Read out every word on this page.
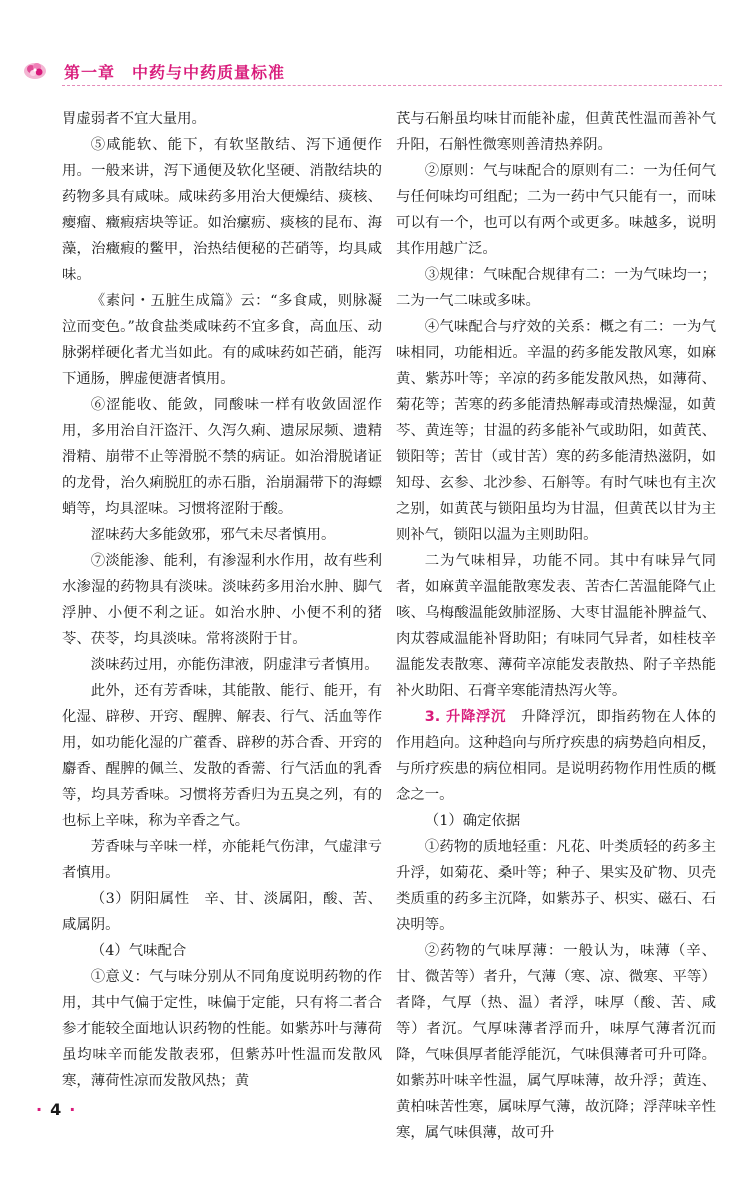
第一章　中药与中药质量标准

胃虚弱者不宜大量用。

⑤咸能软、能下，有软坚散结、泻下通便作用。一般来讲，泻下通便及软化坚硬、消散结块的药物多具有咸味。咸味药多用治大便燥结、痰核、瘿瘤、癥瘕痞块等证。如治瘰疬、痰核的昆布、海藻，治癥瘕的鳖甲，治热结便秘的芒硝等，均具咸味。

《素问・五脏生成篇》云：“多食咸，则脉凝泣而变色。”故食盐类咸味药不宜多食，高血压、动脉粥样硬化者尤当如此。有的咸味药如芒硝，能泻下通肠，脾虚便溏者慎用。

⑥涩能收、能敛，同酸味一样有收敛固涩作用，多用治自汗盗汗、久泻久痢、遗尿尿频、遗精滑精、崩带不止等滑脱不禁的病证。如治滑脱诸证的龙骨，治久痢脱肛的赤石脂，治崩漏带下的海螵蛸等，均具涩味。习惯将涩附于酸。

涩味药大多能敛邪，邪气未尽者慎用。

⑦淡能渗、能利，有渗湿利水作用，故有些利水渗湿的药物具有淡味。淡味药多用治水肿、脚气浮肿、小便不利之证。如治水肿、小便不利的猪苓、茯苓，均具淡味。常将淡附于甘。

淡味药过用，亦能伤津液，阴虚津亏者慎用。

此外，还有芳香味，其能散、能行、能开，有化湿、辟秽、开窍、醒脾、解表、行气、活血等作用，如功能化湿的广藿香、辟秽的苏合香、开窍的麝香、醒脾的佩兰、发散的香薷、行气活血的乳香等，均具芳香味。习惯将芳香归为五臭之列，有的也标上辛味，称为辛香之气。

芳香味与辛味一样，亦能耗气伤津，气虚津亏者慎用。

（3）阴阳属性　辛、甘、淡属阳，酸、苦、咸属阴。

（4）气味配合

①意义：气与味分别从不同角度说明药物的作用，其中气偏于定性，味偏于定能，只有将二者合参才能较全面地认识药物的性能。如紫苏叶与薄荷虽均味辛而能发散表邪，但紫苏叶性温而发散风寒，薄荷性凉而发散风热；黄

芪与石斛虽均味甘而能补虚，但黄芪性温而善补气升阳，石斛性微寒则善清热养阴。

②原则：气与味配合的原则有二：一为任何气与任何味均可组配；二为一药中气只能有一，而味可以有一个，也可以有两个或更多。味越多，说明其作用越广泛。

③规律：气味配合规律有二：一为气味均一；二为一气二味或多味。

④气味配合与疗效的关系：概之有二：一为气味相同，功能相近。辛温的药多能发散风寒，如麻黄、紫苏叶等；辛凉的药多能发散风热，如薄荷、菊花等；苦寒的药多能清热解毒或清热燥湿，如黄芩、黄连等；甘温的药多能补气或助阳，如黄芪、锁阳等；苦甘（或甘苦）寒的药多能清热滋阴，如知母、玄参、北沙参、石斛等。有时气味也有主次之别，如黄芪与锁阳虽均为甘温，但黄芪以甘为主则补气，锁阳以温为主则助阳。

二为气味相异，功能不同。其中有味异气同者，如麻黄辛温能散寒发表、苦杏仁苦温能降气止咳、乌梅酸温能敛肺涩肠、大枣甘温能补脾益气、肉苁蓉咸温能补肾助阳；有味同气异者，如桂枝辛温能发表散寒、薄荷辛凉能发表散热、附子辛热能补火助阳、石膏辛寒能清热泻火等。

3. 升降浮沉　升降浮沉，即指药物在人体的作用趋向。这种趋向与所疗疾患的病势趋向相反，与所疗疾患的病位相同。是说明药物作用性质的概念之一。

（1）确定依据

①药物的质地轻重：凡花、叶类质轻的药多主升浮，如菊花、桑叶等；种子、果实及矿物、贝壳类质重的药多主沉降，如紫苏子、枳实、磁石、石决明等。

②药物的气味厚薄：一般认为，味薄（辛、甘、微苦等）者升，气薄（寒、凉、微寒、平等）者降，气厚（热、温）者浮，味厚（酸、苦、咸等）者沉。气厚味薄者浮而升，味厚气薄者沉而降，气味俱厚者能浮能沉，气味俱薄者可升可降。如紫苏叶味辛性温，属气厚味薄，故升浮；黄连、黄柏味苦性寒，属味厚气薄，故沉降；浮萍味辛性寒，属气味俱薄，故可升

· 4 ·
